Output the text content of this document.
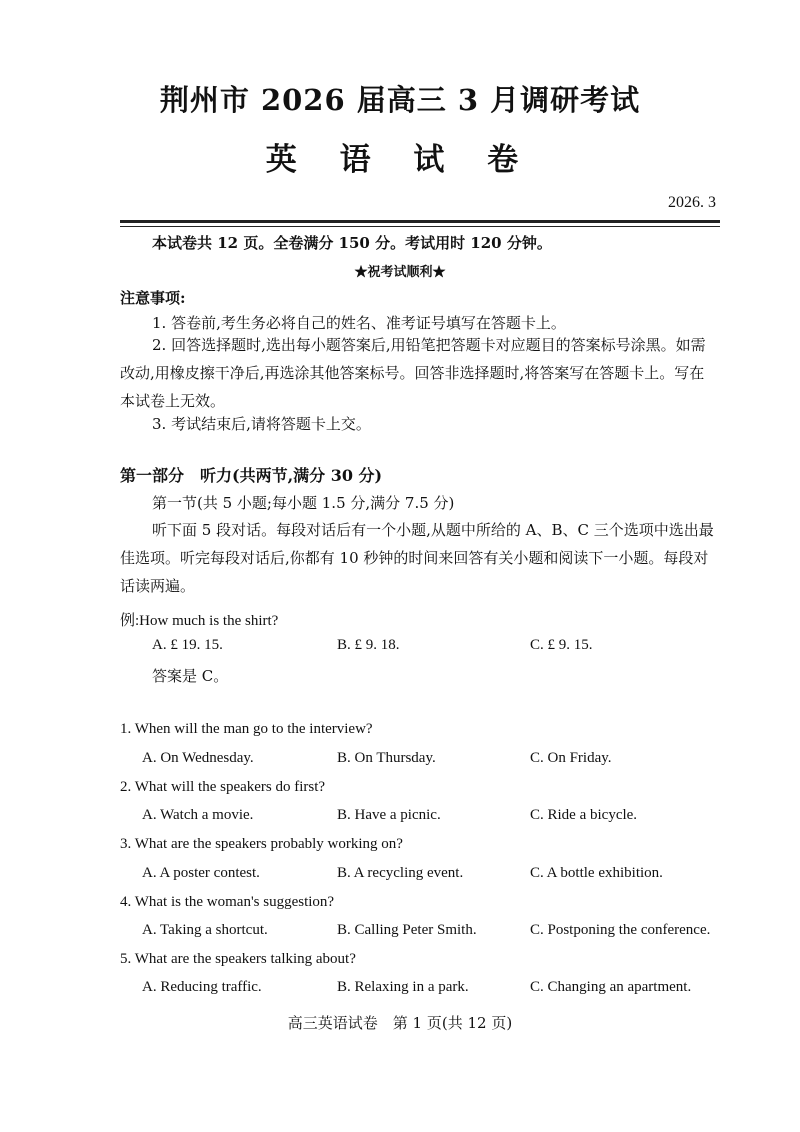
荆州市 2026 届高三 3 月调研考试
英 语 试 卷
2026. 3
本试卷共 12 页。全卷满分 150 分。考试用时 120 分钟。
★祝考试顺利★
注意事项:
1. 答卷前,考生务必将自己的姓名、准考证号填写在答题卡上。
2. 回答选择题时,选出每小题答案后,用铅笔把答题卡对应题目的答案标号涂黑。如需改动,用橡皮擦干净后,再选涂其他答案标号。回答非选择题时,将答案写在答题卡上。写在本试卷上无效。
3. 考试结束后,请将答题卡上交。
第一部分　听力(共两节,满分 30 分)
第一节(共 5 小题;每小题 1.5 分,满分 7.5 分)
听下面 5 段对话。每段对话后有一个小题,从题中所给的 A、B、C 三个选项中选出最佳选项。听完每段对话后,你都有 10 秒钟的时间来回答有关小题和阅读下一小题。每段对话读两遍。
例:How much is the shirt?
A. £ 19. 15.	B. £ 9. 18.	C. £ 9. 15.
答案是 C。
1. When will the man go to the interview?
A. On Wednesday.	B. On Thursday.	C. On Friday.
2. What will the speakers do first?
A. Watch a movie.	B. Have a picnic.	C. Ride a bicycle.
3. What are the speakers probably working on?
A. A poster contest.	B. A recycling event.	C. A bottle exhibition.
4. What is the woman's suggestion?
A. Taking a shortcut.	B. Calling Peter Smith.	C. Postponing the conference.
5. What are the speakers talking about?
A. Reducing traffic.	B. Relaxing in a park.	C. Changing an apartment.
高三英语试卷　第 1 页(共 12 页)
